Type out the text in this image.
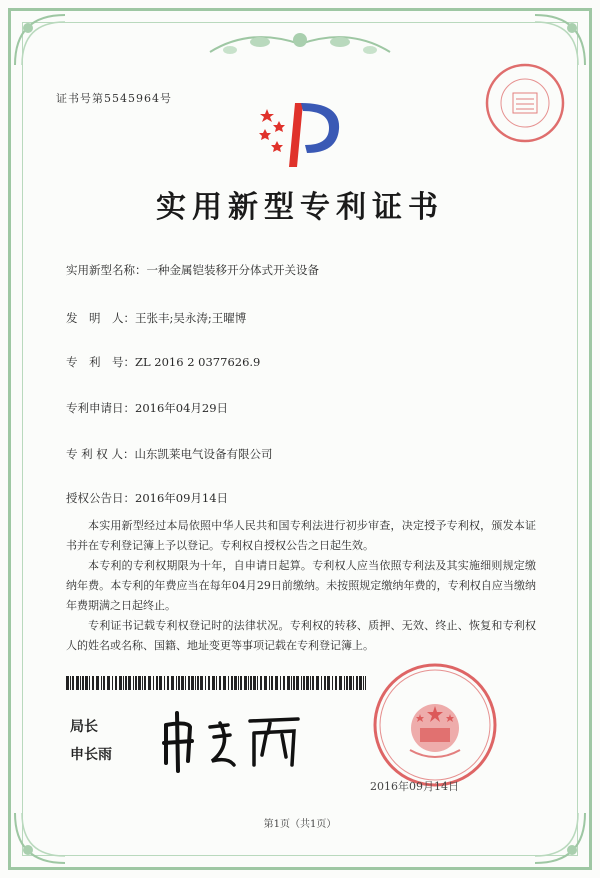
证书号第5545964号
实用新型专利证书
实用新型名称：一种金属铠装移开分体式开关设备
发　明　人：王张丰;吴永涛;王曜博
专　利　号：ZL 2016 2 0377626.9
专利申请日：2016年04月29日
专 利 权 人：山东凯莱电气设备有限公司
授权公告日：2016年09月14日

本实用新型经过本局依照中华人民共和国专利法进行初步审查，决定授予专利权，颁发本证书并在专利登记簿上予以登记。专利权自授权公告之日起生效。

本专利的专利权期限为十年，自申请日起算。专利权人应当依照专利法及其实施细则规定缴纳年费。本专利的年费应当在每年04月29日前缴纳。未按照规定缴纳年费的，专利权自应当缴纳年费期满之日起终止。

专利证书记载专利权登记时的法律状况。专利权的转移、质押、无效、终止、恢复和专利权人的姓名或名称、国籍、地址变更等事项记载在专利登记簿上。

局长
申长雨
2016年09月14日
第1页（共1页）
